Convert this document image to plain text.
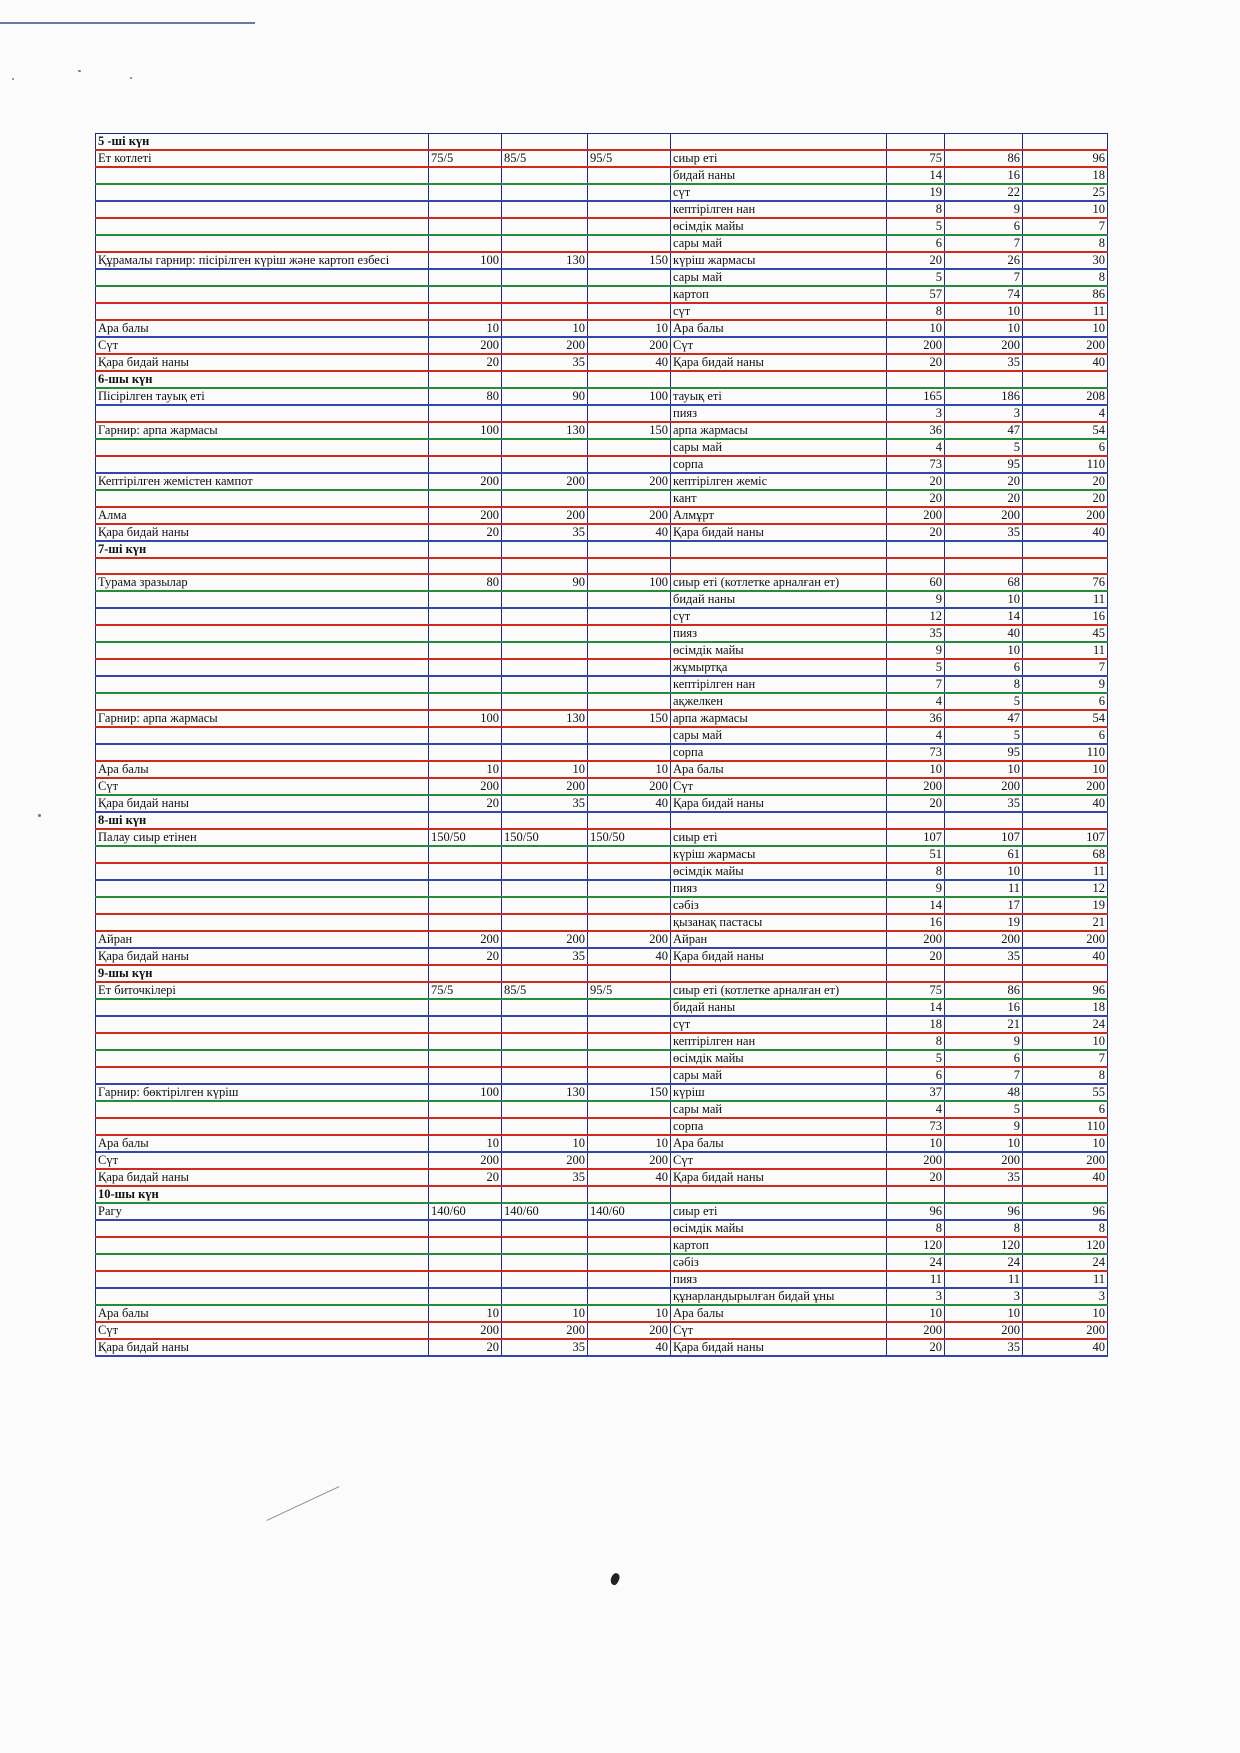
5 -ші күн							
Ет котлеті	75/5	85/5	95/5	сиыр еті	75	86	96
				бидай наны	14	16	18
				сүт	19	22	25
				кептірілген нан	8	9	10
				өсімдік майы	5	6	7
				сары май	6	7	8
Құрамалы гарнир: пісірілген күріш және картоп езбесі	100	130	150	күріш жармасы	20	26	30
				сары май	5	7	8
				картоп	57	74	86
				сүт	8	10	11
Ара балы	10	10	10	Ара балы	10	10	10
Сүт	200	200	200	Сүт	200	200	200
Қара бидай наны	20	35	40	Қара бидай наны	20	35	40
6-шы күн							
Пісірілген тауық еті	80	90	100	тауық еті	165	186	208
				пияз	3	3	4
Гарнир: арпа жармасы	100	130	150	арпа жармасы	36	47	54
				сары май	4	5	6
				сорпа	73	95	110
Кептірілген жемістен кампот	200	200	200	кептірілген жеміс	20	20	20
				кант	20	20	20
Алма	200	200	200	Алмұрт	200	200	200
Қара бидай наны	20	35	40	Қара бидай наны	20	35	40
7-ші күн							

Турама зразылар	80	90	100	сиыр еті (котлетке арналған ет)	60	68	76
				бидай наны	9	10	11
				сүт	12	14	16
				пияз	35	40	45
				өсімдік майы	9	10	11
				жұмыртқа	5	6	7
				кептірілген нан	7	8	9
				ақжелкен	4	5	6
Гарнир: арпа жармасы	100	130	150	арпа жармасы	36	47	54
				сары май	4	5	6
				сорпа	73	95	110
Ара балы	10	10	10	Ара балы	10	10	10
Сүт	200	200	200	Сүт	200	200	200
Қара бидай наны	20	35	40	Қара бидай наны	20	35	40
8-ші күн							
Палау сиыр етінен	150/50	150/50	150/50	сиыр еті	107	107	107
				күріш жармасы	51	61	68
				өсімдік майы	8	10	11
				пияз	9	11	12
				сәбіз	14	17	19
				қызанақ пастасы	16	19	21
Айран	200	200	200	Айран	200	200	200
Қара бидай наны	20	35	40	Қара бидай наны	20	35	40
9-шы күн							
Ет биточкілері	75/5	85/5	95/5	сиыр еті (котлетке арналған ет)	75	86	96
				бидай наны	14	16	18
				сүт	18	21	24
				кептірілген нан	8	9	10
				өсімдік майы	5	6	7
				сары май	6	7	8
Гарнир: бөктірілген күріш	100	130	150	күріш	37	48	55
				сары май	4	5	6
				сорпа	73	9	110
Ара балы	10	10	10	Ара балы	10	10	10
Сүт	200	200	200	Сүт	200	200	200
Қара бидай наны	20	35	40	Қара бидай наны	20	35	40
10-шы күн							
Рагу	140/60	140/60	140/60	сиыр еті	96	96	96
				өсімдік майы	8	8	8
				картоп	120	120	120
				сәбіз	24	24	24
				пияз	11	11	11
				құнарландырылған бидай ұны	3	3	3
Ара балы	10	10	10	Ара балы	10	10	10
Сүт	200	200	200	Сүт	200	200	200
Қара бидай наны	20	35	40	Қара бидай наны	20	35	40
